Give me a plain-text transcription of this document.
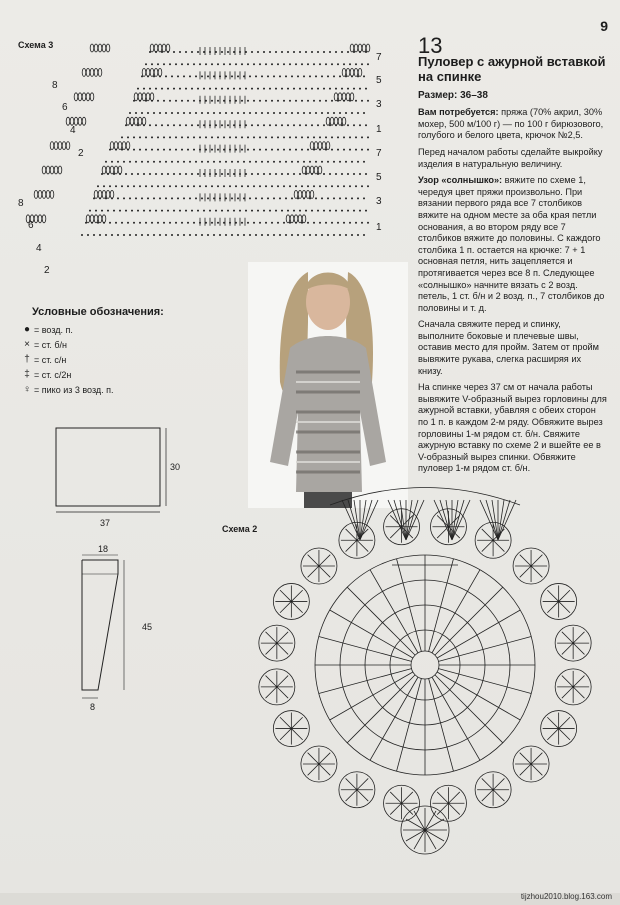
9
Схема 3
8
6
4
2
8
6
4
2
7
5
3
1
7
5
3
1
Условные обозначения:
● = возд. п.
× = ст. б/н
† = ст. с/н
‡ = ст. с/2н
♀ = пико из 3 возд. п.
30
37
18
45
8
Схема 2
13
Пуловер с ажурной вставкой на спинке
Размер: 36–38

Вам потребуется: пряжа (70% акрил, 30% мохер, 500 м/100 г) — по 100 г бирюзового, голубого и белого цвета, крючок №2,5.

Перед началом работы сделайте выкройку изделия в натуральную величину.

Узор «солнышко»: вяжите по схеме 1, чередуя цвет пряжи произвольно. При вязании первого ряда все 7 столбиков вяжите на одном месте за оба края петли основания, а во втором ряду все 7 столбиков вяжите до половины. С каждого столбика 1 п. остается на крючке: 7 + 1 основная петля, нить зацепляется и протягивается через все 8 п. Следующее «солнышко» начните вязать с 2 возд. петель, 1 ст. б/н и 2 возд. п., 7 столбиков до половины и т. д.

Сначала свяжите перед и спинку, выполните боковые и плечевые швы, оставив место для пройм. Затем от пройм вывяжите рукава, слегка расширяя их книзу.

На спинке через 37 см от начала работы вывяжите V-образный вырез горловины для ажурной вставки, убавляя с обеих сторон по 1 п. в каждом 2-м ряду. Обвяжите вырез горловины 1-м рядом ст. б/н. Свяжите ажурную вставку по схеме 2 и вшейте ее в V-образный вырез спинки. Обвяжите пуловер 1-м рядом ст. б/н.

tijzhou2010.blog.163.com
